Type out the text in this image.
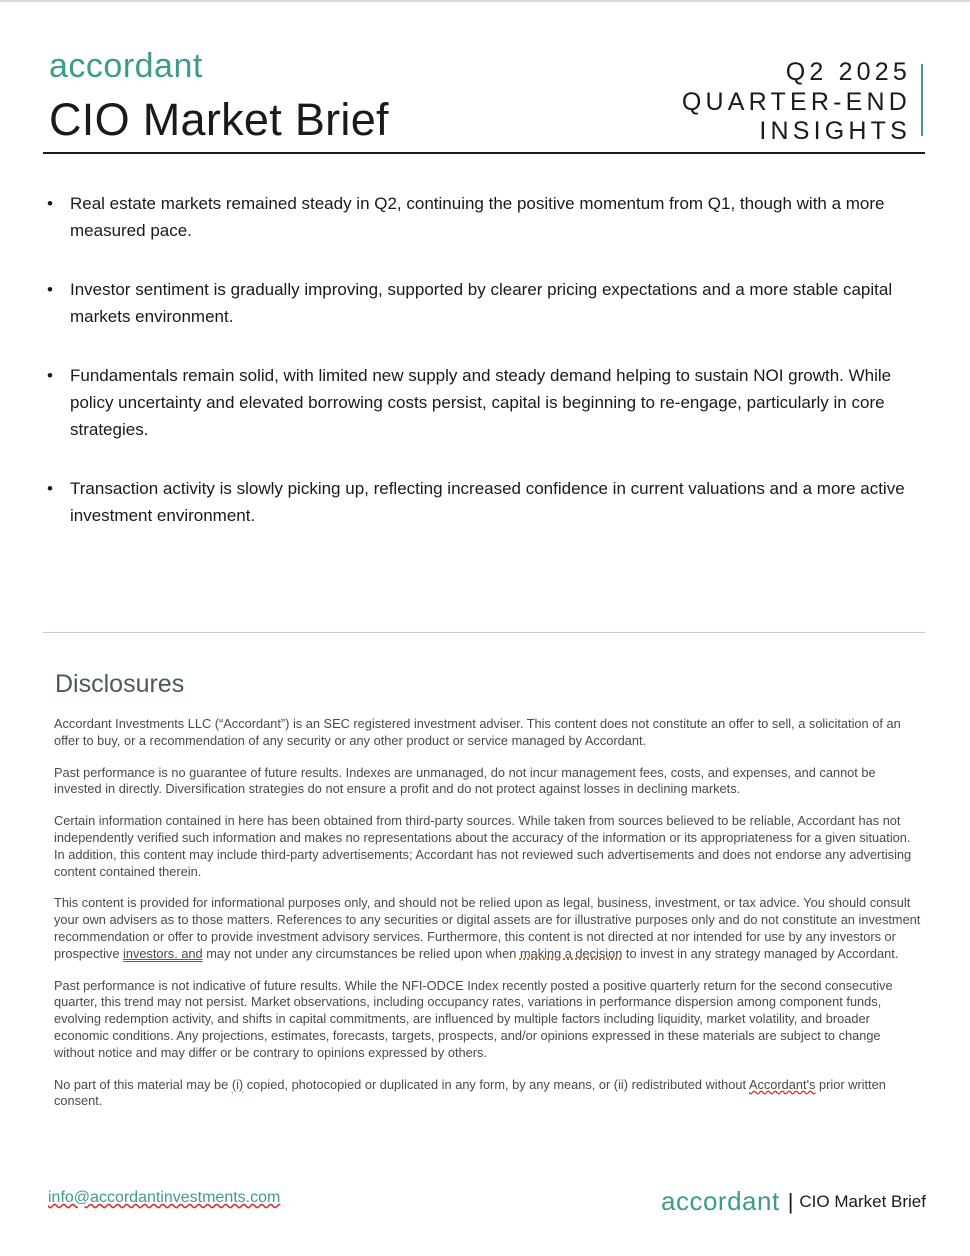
accordant
CIO Market Brief
Q2 2025
QUARTER-END
INSIGHTS
• Real estate markets remained steady in Q2, continuing the positive momentum from Q1, though with a more measured pace.
• Investor sentiment is gradually improving, supported by clearer pricing expectations and a more stable capital markets environment.
• Fundamentals remain solid, with limited new supply and steady demand helping to sustain NOI growth. While policy uncertainty and elevated borrowing costs persist, capital is beginning to re-engage, particularly in core strategies.
• Transaction activity is slowly picking up, reflecting increased confidence in current valuations and a more active investment environment.
Disclosures

Accordant Investments LLC (“Accordant”) is an SEC registered investment adviser. This content does not constitute an offer to sell, a solicitation of an offer to buy, or a recommendation of any security or any other product or service managed by Accordant.

Past performance is no guarantee of future results. Indexes are unmanaged, do not incur management fees, costs, and expenses, and cannot be invested in directly. Diversification strategies do not ensure a profit and do not protect against losses in declining markets.

Certain information contained in here has been obtained from third-party sources. While taken from sources believed to be reliable, Accordant has not independently verified such information and makes no representations about the accuracy of the information or its appropriateness for a given situation. In addition, this content may include third-party advertisements; Accordant has not reviewed such advertisements and does not endorse any advertising content contained therein.

This content is provided for informational purposes only, and should not be relied upon as legal, business, investment, or tax advice. You should consult your own advisers as to those matters. References to any securities or digital assets are for illustrative purposes only and do not constitute an investment recommendation or offer to provide investment advisory services. Furthermore, this content is not directed at nor intended for use by any investors or prospective investors. and may not under any circumstances be relied upon when making a decision to invest in any strategy managed by Accordant.

Past performance is not indicative of future results. While the NFI-ODCE Index recently posted a positive quarterly return for the second consecutive quarter, this trend may not persist. Market observations, including occupancy rates, variations in performance dispersion among component funds, evolving redemption activity, and shifts in capital commitments, are influenced by multiple factors including liquidity, market volatility, and broader economic conditions. Any projections, estimates, forecasts, targets, prospects, and/or opinions expressed in these materials are subject to change without notice and may differ or be contrary to opinions expressed by others.

No part of this material may be (i) copied, photocopied or duplicated in any form, by any means, or (ii) redistributed without Accordant's prior written consent.

info@accordantinvestments.com	accordant | CIO Market Brief
